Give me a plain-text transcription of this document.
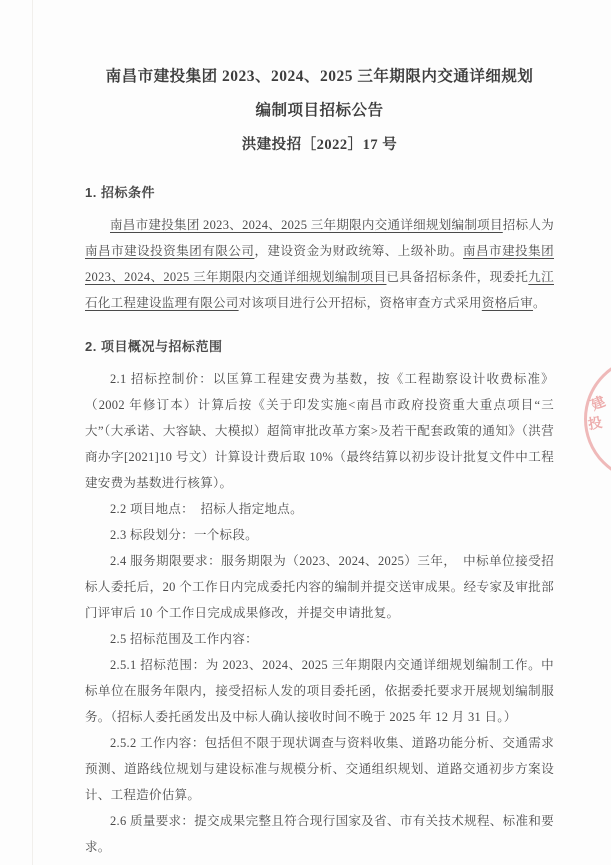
南昌市建投集团 2023、2024、2025 三年期限内交通详细规划
编制项目招标公告
洪建投招［2022］17 号
1. 招标条件

南昌市建投集团 2023、2024、2025 三年期限内交通详细规划编制项目招标人为南昌市建设投资集团有限公司，建设资金为财政统筹、上级补助。南昌市建投集团 2023、2024、2025 三年期限内交通详细规划编制项目已具备招标条件，现委托九江石化工程建设监理有限公司对该项目进行公开招标，资格审查方式采用资格后审。

2. 项目概况与招标范围

2.1 招标控制价：以匡算工程建安费为基数，按《工程勘察设计收费标准》（2002 年修订本）计算后按《关于印发实施<南昌市政府投资重大重点项目“三大”（大承诺、大容缺、大模拟）超简审批改革方案>及若干配套政策的通知》（洪营商办字[2021]10 号文）计算设计费后取 10%（最终结算以初步设计批复文件中工程建安费为基数进行核算）。

2.2 项目地点：　招标人指定地点。

2.3 标段划分：一个标段。

2.4 服务期限要求：服务期限为（2023、2024、2025）三年，　中标单位接受招标人委托后，20 个工作日内完成委托内容的编制并提交送审成果。经专家及审批部门评审后 10 个工作日完成成果修改，并提交申请批复。

2.5 招标范围及工作内容：

2.5.1 招标范围：为 2023、2024、2025 三年期限内交通详细规划编制工作。中标单位在服务年限内，接受招标人发的项目委托函，依据委托要求开展规划编制服务。（招标人委托函发出及中标人确认接收时间不晚于 2025 年 12 月 31 日。）

2.5.2 工作内容：包括但不限于现状调查与资料收集、道路功能分析、交通需求预测、道路线位规划与建设标准与规模分析、交通组织规划、道路交通初步方案设计、工程造价估算。

2.6 质量要求：提交成果完整且符合现行国家及省、市有关技术规程、标准和要求。

建
投
